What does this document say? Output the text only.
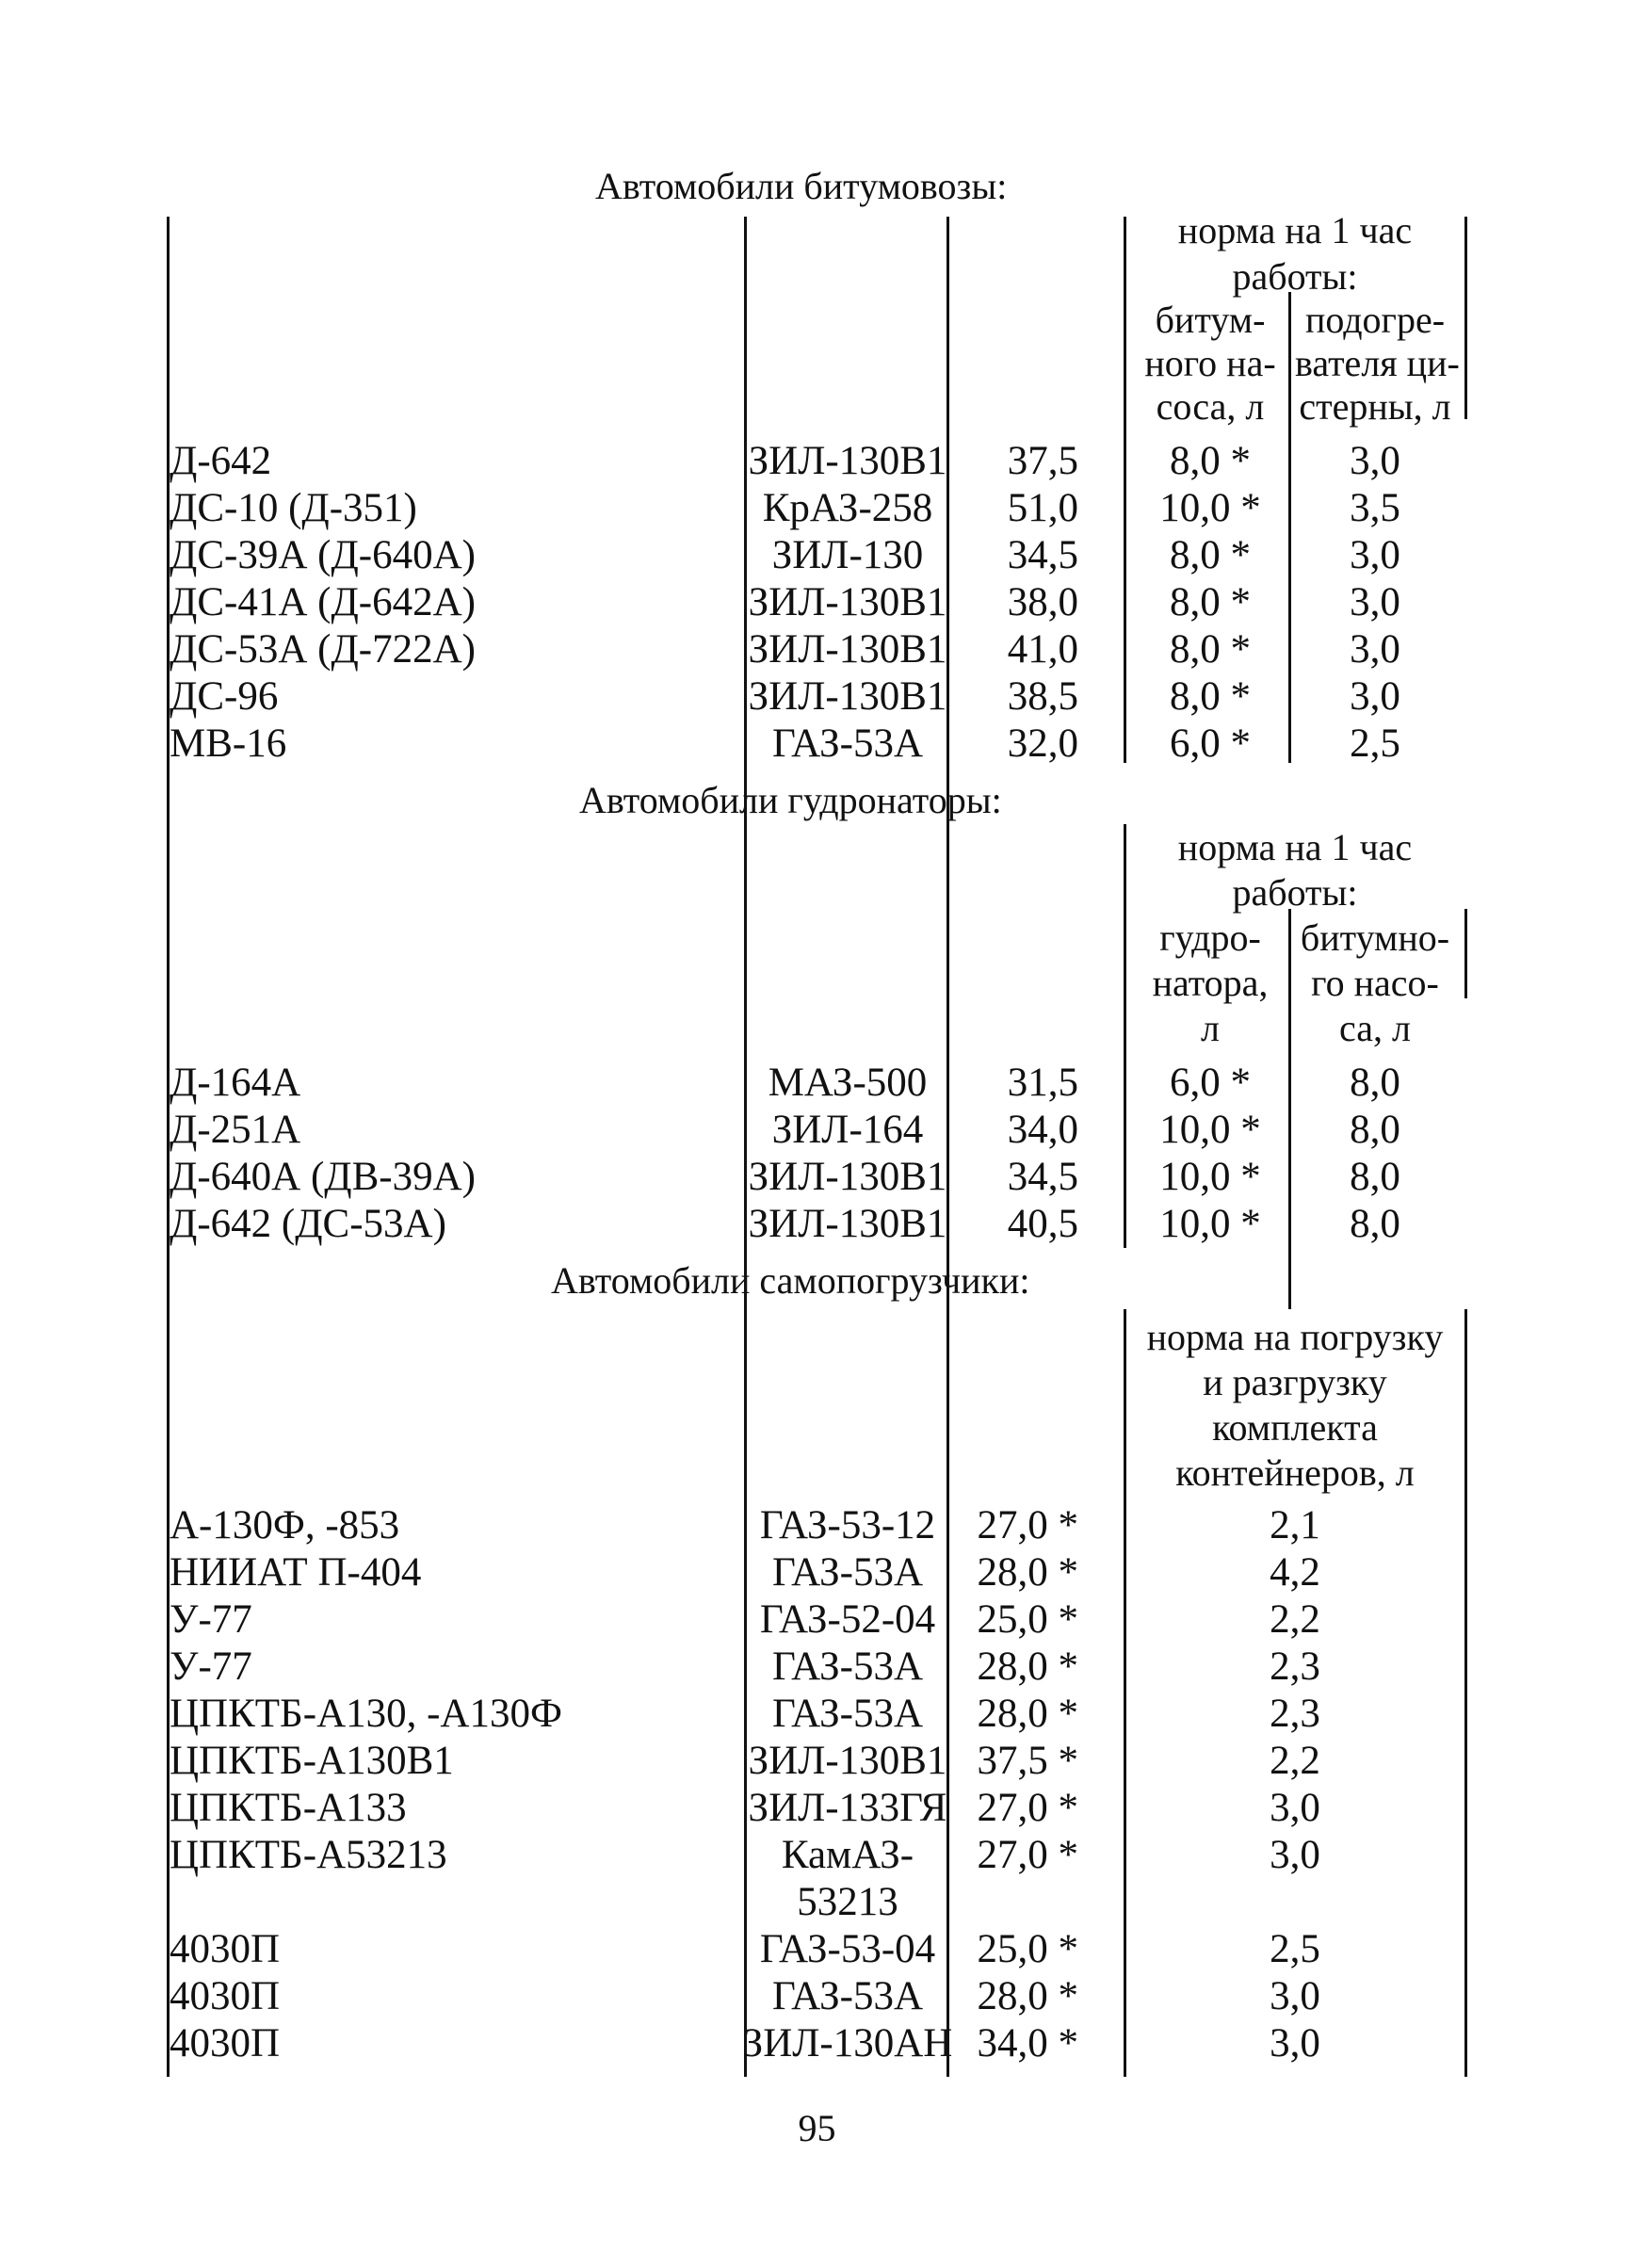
Автомобили битумовозы:
норма на 1 час
работы:
битум-
ного на-
соса, л
подогре-
вателя ци-
стерны, л
Д-642	ЗИЛ-130В1	37,5	8,0 *	3,0
ДС-10 (Д-351)	КрАЗ-258	51,0	10,0 *	3,5
ДС-39А (Д-640А)	ЗИЛ-130	34,5	8,0 *	3,0
ДС-41А (Д-642А)	ЗИЛ-130В1	38,0	8,0 *	3,0
ДС-53А (Д-722А)	ЗИЛ-130В1	41,0	8,0 *	3,0
ДС-96	ЗИЛ-130В1	38,5	8,0 *	3,0
МВ-16	ГАЗ-53А	32,0	6,0 *	2,5
Автомобили гудронаторы:
норма на 1 час
работы:
гудро-
натора,
л
битумно-
го насо-
са, л
Д-164А	МАЗ-500	31,5	6,0 *	8,0
Д-251А	ЗИЛ-164	34,0	10,0 *	8,0
Д-640А (ДВ-39А)	ЗИЛ-130В1	34,5	10,0 *	8,0
Д-642 (ДС-53А)	ЗИЛ-130В1	40,5	10,0 *	8,0
Автомобили самопогрузчики:
норма на погрузку
и разгрузку
комплекта
контейнеров, л
А-130Ф, -853	ГАЗ-53-12	27,0 *	2,1
НИИАТ П-404	ГАЗ-53А	28,0 *	4,2
У-77	ГАЗ-52-04	25,0 *	2,2
У-77	ГАЗ-53А	28,0 *	2,3
ЦПКТБ-А130, -А130Ф	ГАЗ-53А	28,0 *	2,3
ЦПКТБ-А130В1	ЗИЛ-130В1 37,5 *	2,2
ЦПКТБ-А133	ЗИЛ-133ГЯ 27,0 *	3,0
ЦПКТБ-А53213	КамАЗ-
53213
27,0 *	3,0
4030П	ГАЗ-53-04	25,0 *	2,5
4030П	ГАЗ-53А	28,0 *	3,0
4030П	ЗИЛ-130АН 34,0 *	3,0
95
